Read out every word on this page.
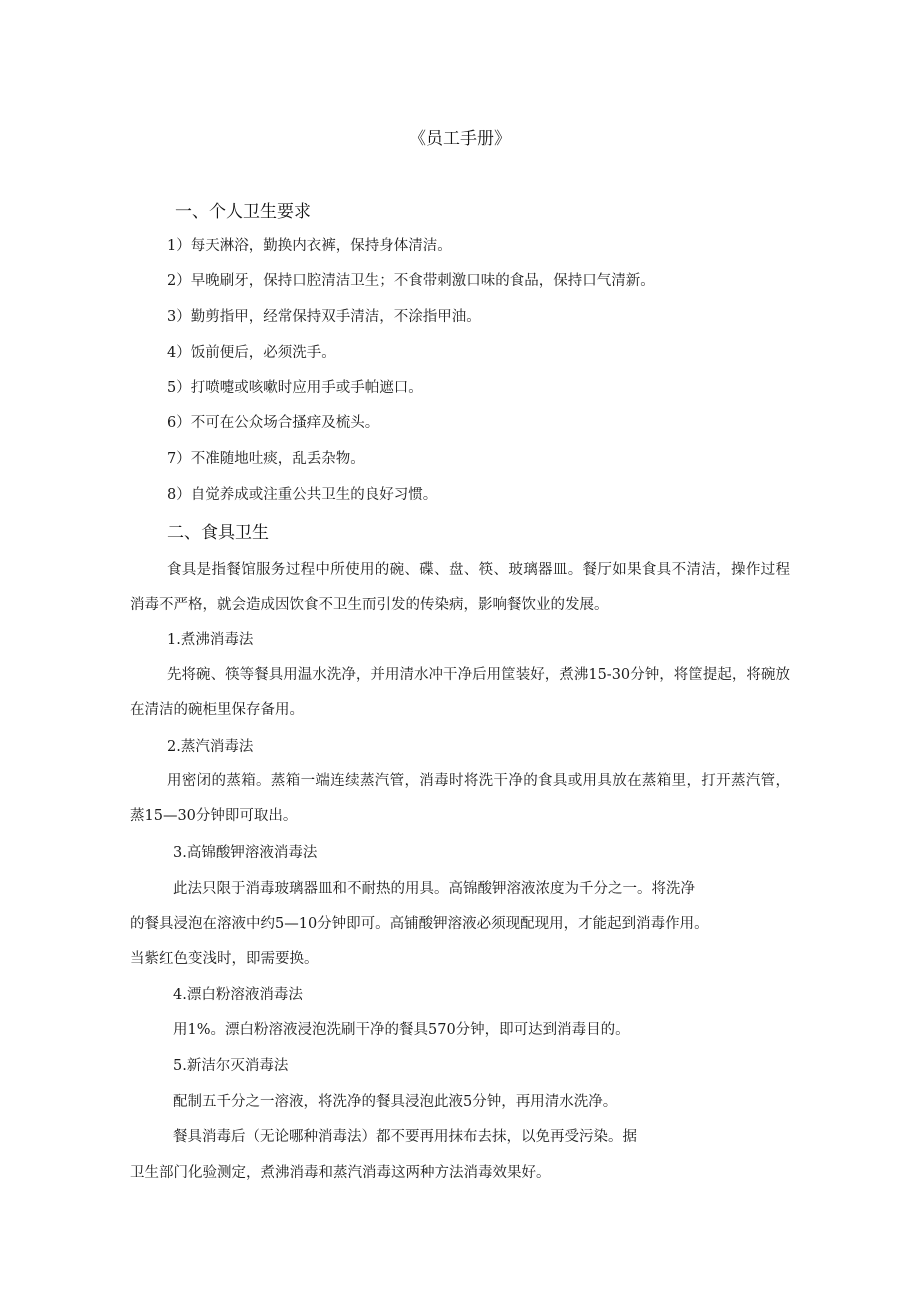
《员工手册》
一、个人卫生要求
1）每天淋浴，勤换内衣裤，保持身体清洁。
2）早晚刷牙，保持口腔清洁卫生；不食带刺激口味的食品，保持口气清新。
3）勤剪指甲，经常保持双手清洁，不涂指甲油。
4）饭前便后，必须洗手。
5）打喷嚏或咳嗽时应用手或手帕遮口。
6）不可在公众场合搔痒及梳头。
7）不准随地吐痰，乱丢杂物。
8）自觉养成或注重公共卫生的良好习惯。
二、食具卫生
食具是指餐馆服务过程中所使用的碗、碟、盘、筷、玻璃器皿。餐厅如果食具不清洁，操作过程消毒不严格，就会造成因饮食不卫生而引发的传染病，影响餐饮业的发展。
1.煮沸消毒法
先将碗、筷等餐具用温水洗净，并用清水冲干净后用筐装好，煮沸15-30分钟，将筐提起，将碗放在清洁的碗柜里保存备用。
2.蒸汽消毒法
用密闭的蒸箱。蒸箱一端连续蒸汽管，消毒时将洗干净的食具或用具放在蒸箱里，打开蒸汽管，蒸15—30分钟即可取出。
3.高锦酸钾溶液消毒法
此法只限于消毒玻璃器皿和不耐热的用具。高锦酸钾溶液浓度为千分之一。将洗净
的餐具浸泡在溶液中约5—10分钟即可。高铺酸钾溶液必须现配现用，才能起到消毒作用。
当紫红色变浅时，即需要换。
4.漂白粉溶液消毒法
用1%。漂白粉溶液浸泡洗刷干净的餐具570分钟，即可达到消毒目的。
5.新洁尔灭消毒法
配制五千分之一溶液，将洗净的餐具浸泡此液5分钟，再用清水洗净。
餐具消毒后（无论哪种消毒法）都不要再用抹布去抹，以免再受污染。据
卫生部门化验测定，煮沸消毒和蒸汽消毒这两种方法消毒效果好。
